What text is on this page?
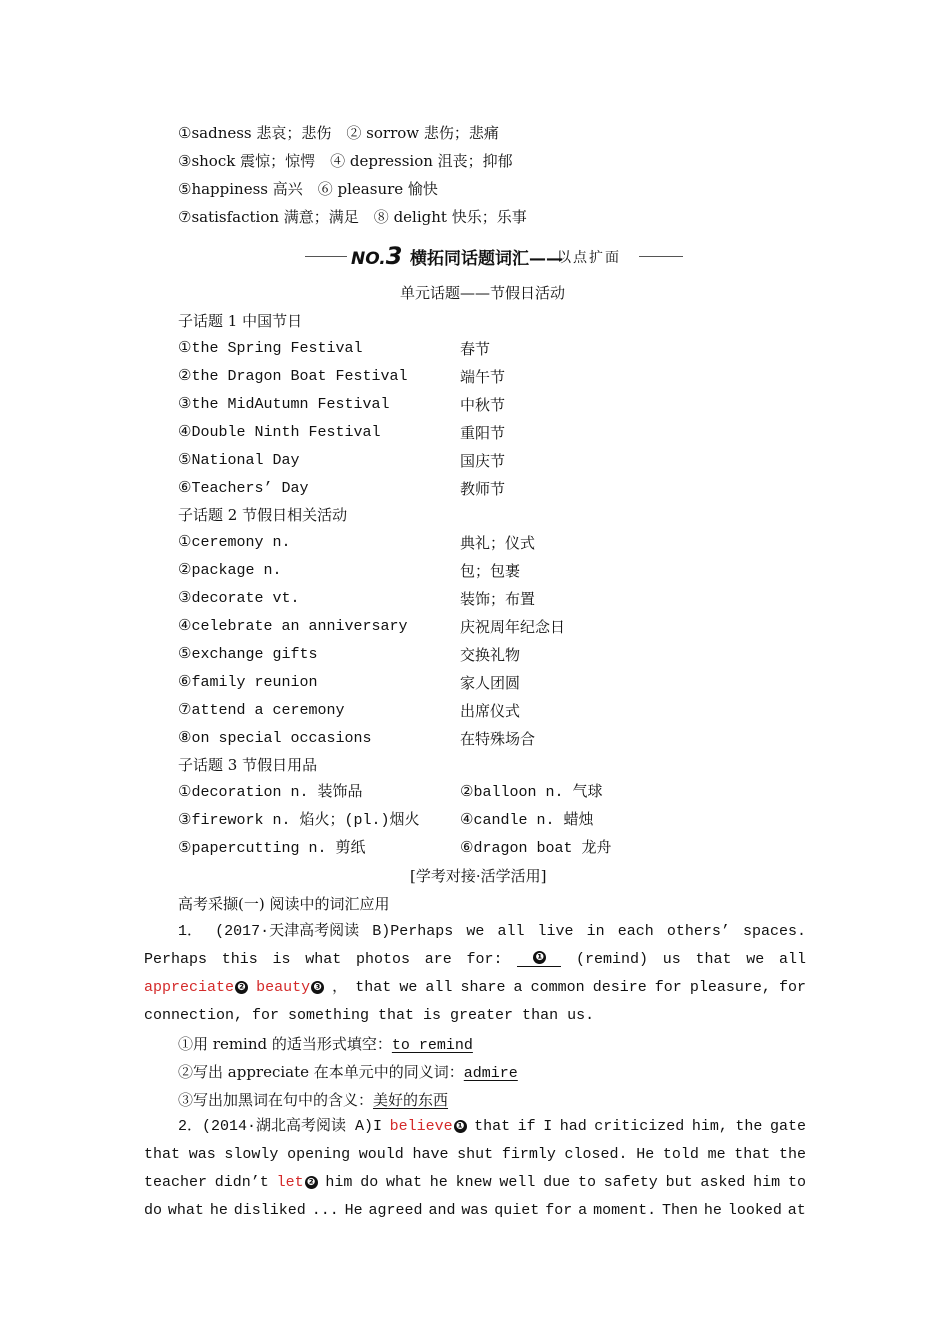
①sadness 悲哀；悲伤  ② sorrow 悲伤；悲痛
③shock 震惊；惊愕  ④ depression 沮丧；抑郁
⑤happiness 高兴  ⑥ pleasure 愉快
⑦satisfaction 满意；满足  ⑧ delight 快乐；乐事
NO.3 横拓同话题词汇——
以点扩面
单元话题——节假日活动
子话题 1 中国节日
①the Spring Festival	春节
②the Dragon Boat Festival	端午节
③the MidAutumn Festival	中秋节
④Double Ninth Festival	重阳节
⑤National Day	国庆节
⑥Teachers’ Day	教师节
子话题 2 节假日相关活动
①ceremony n.	典礼；仪式
②package n.	包；包裹
③decorate vt.	装饰；布置
④celebrate an anniversary	庆祝周年纪念日
⑤exchange gifts	交换礼物
⑥family reunion	家人团圆
⑦attend a ceremony	出席仪式
⑧on special occasions	在特殊场合
子话题 3 节假日用品
①decoration n. 装饰品	②balloon n. 气球
③firework n. 焰火；(pl.)烟火	④candle n. 蜡烛
⑤papercutting n. 剪纸	⑥dragon boat 龙舟
[学考对接·活学活用]
高考采撷(一) 阅读中的词汇应用
1． (2017·天津高考阅读 B)Perhaps we all live in each others’ spaces.
Perhaps this is what photos are for:	❶	(remind) us that we all
appreciate ❷ beauty ❸ ， that we all share a common desire for pleasure, for
connection, for something that is greater than us.
①用 remind 的适当形式填空：to remind
②写出 appreciate 在本单元中的同义词：admire
③写出加黑词在句中的含义：美好的东西
2．(2014·湖北高考阅读 A)I believe ❶ that if I had criticized him, the gate
that was slowly opening would have shut firmly closed. He told me that the
teacher didn’t let ❷ him do what he knew well due to safety but asked him to
do what he disliked ... He agreed and was quiet for a moment. Then he looked at
